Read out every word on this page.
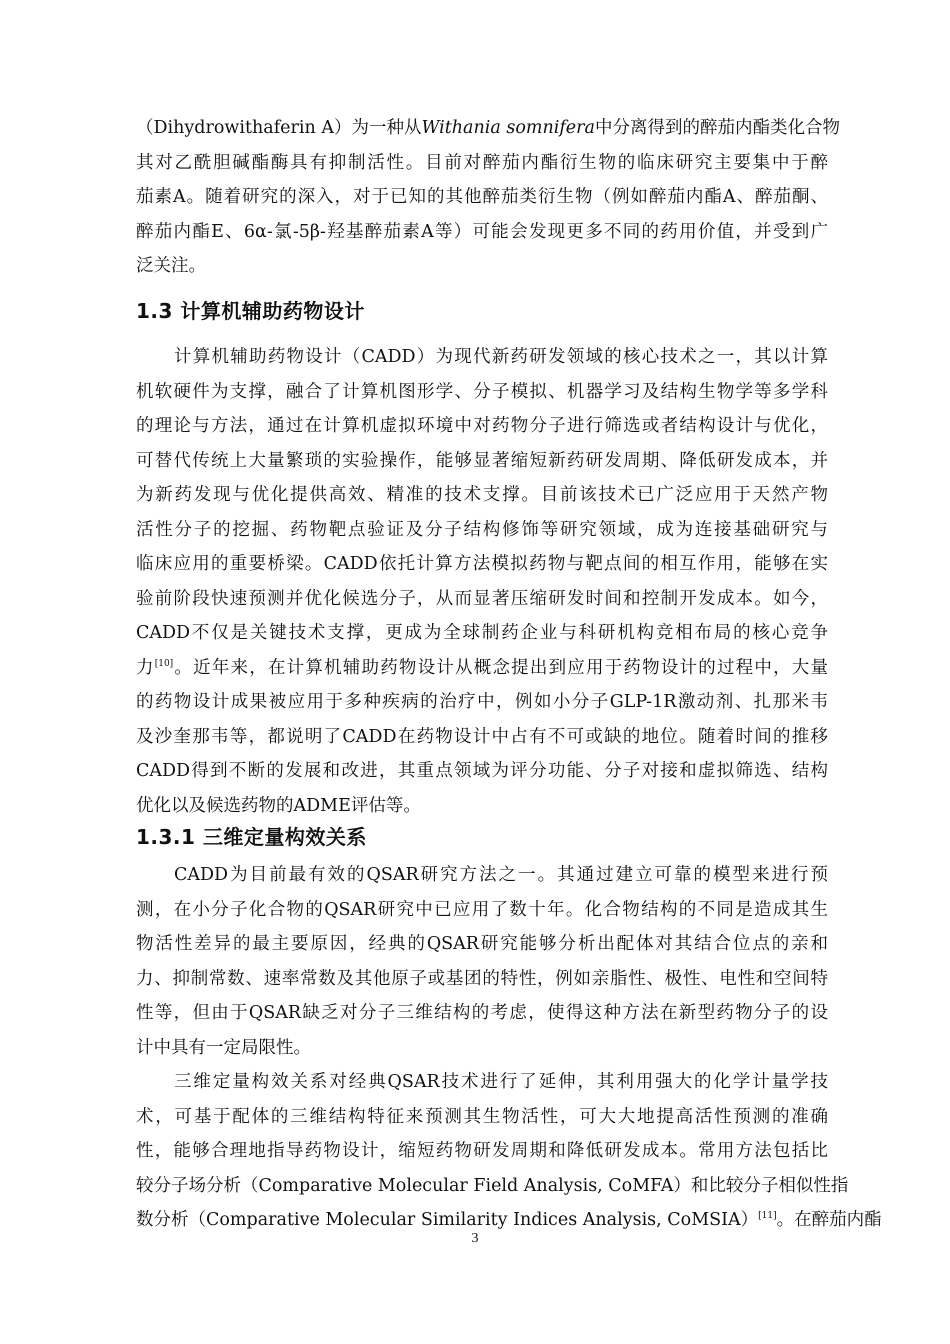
（Dihydrowithaferin A）为一种从Withania somnifera中分离得到的醉茄内酯类化合物
其对乙酰胆碱酯酶具有抑制活性。目前对醉茄内酯衍生物的临床研究主要集中于醉
茄素A。随着研究的深入，对于已知的其他醉茄类衍生物（例如醉茄内酯A、醉茄酮、
醉茄内酯E、6α-氯-5β-羟基醉茄素A等）可能会发现更多不同的药用价值，并受到广
泛关注。
1.3 计算机辅助药物设计
计算机辅助药物设计（CADD）为现代新药研发领域的核心技术之一，其以计算
机软硬件为支撑，融合了计算机图形学、分子模拟、机器学习及结构生物学等多学科
的理论与方法，通过在计算机虚拟环境中对药物分子进行筛选或者结构设计与优化，
可替代传统上大量繁琐的实验操作，能够显著缩短新药研发周期、降低研发成本，并
为新药发现与优化提供高效、精准的技术支撑。目前该技术已广泛应用于天然产物
活性分子的挖掘、药物靶点验证及分子结构修饰等研究领域，成为连接基础研究与
临床应用的重要桥梁。CADD依托计算方法模拟药物与靶点间的相互作用，能够在实
验前阶段快速预测并优化候选分子，从而显著压缩研发时间和控制开发成本。如今，
CADD不仅是关键技术支撑，更成为全球制药企业与科研机构竞相布局的核心竞争
力[10]。近年来，在计算机辅助药物设计从概念提出到应用于药物设计的过程中，大量
的药物设计成果被应用于多种疾病的治疗中，例如小分子GLP-1R激动剂、扎那米韦
及沙奎那韦等，都说明了CADD在药物设计中占有不可或缺的地位。随着时间的推移
CADD得到不断的发展和改进，其重点领域为评分功能、分子对接和虚拟筛选、结构
优化以及候选药物的ADME评估等。
1.3.1 三维定量构效关系
CADD为目前最有效的QSAR研究方法之一。其通过建立可靠的模型来进行预
测，在小分子化合物的QSAR研究中已应用了数十年。化合物结构的不同是造成其生
物活性差异的最主要原因，经典的QSAR研究能够分析出配体对其结合位点的亲和
力、抑制常数、速率常数及其他原子或基团的特性，例如亲脂性、极性、电性和空间特
性等，但由于QSAR缺乏对分子三维结构的考虑，使得这种方法在新型药物分子的设
计中具有一定局限性。
三维定量构效关系对经典QSAR技术进行了延伸，其利用强大的化学计量学技
术，可基于配体的三维结构特征来预测其生物活性，可大大地提高活性预测的准确
性，能够合理地指导药物设计，缩短药物研发周期和降低研发成本。常用方法包括比
较分子场分析（Comparative Molecular Field Analysis, CoMFA）和比较分子相似性指
数分析（Comparative Molecular Similarity Indices Analysis, CoMSIA）[11]。在醉茄内酯
3
